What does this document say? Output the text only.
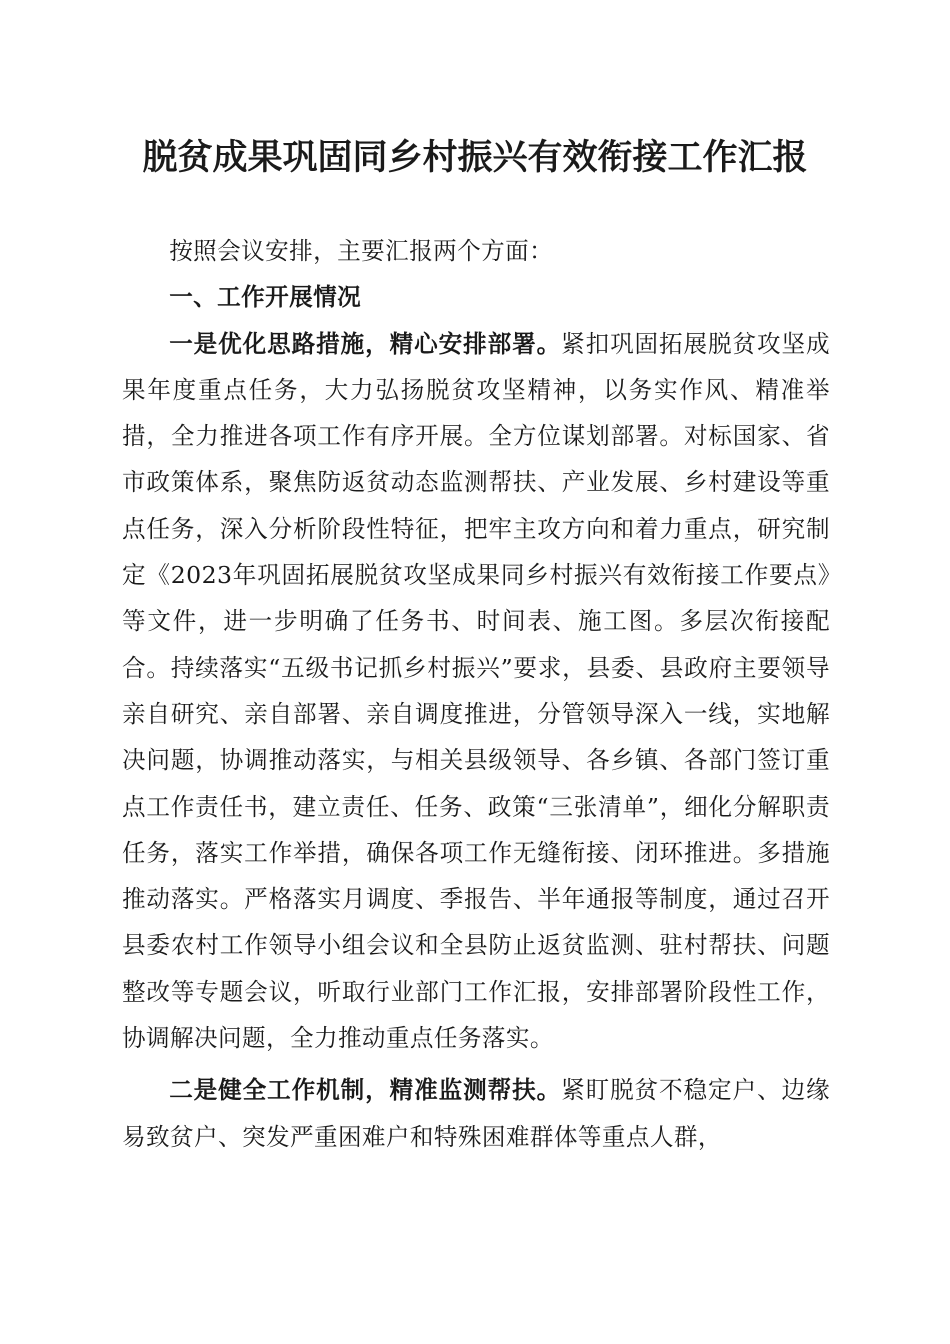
脱贫成果巩固同乡村振兴有效衔接工作汇报

按照会议安排，主要汇报两个方面：

一、工作开展情况

一是优化思路措施，精心安排部署。紧扣巩固拓展脱贫攻坚成果年度重点任务，大力弘扬脱贫攻坚精神，以务实作风、精准举措，全力推进各项工作有序开展。全方位谋划部署。对标国家、省市政策体系，聚焦防返贫动态监测帮扶、产业发展、乡村建设等重点任务，深入分析阶段性特征，把牢主攻方向和着力重点，研究制定《2023年巩固拓展脱贫攻坚成果同乡村振兴有效衔接工作要点》等文件，进一步明确了任务书、时间表、施工图。多层次衔接配合。持续落实“五级书记抓乡村振兴”要求，县委、县政府主要领导亲自研究、亲自部署、亲自调度推进，分管领导深入一线，实地解决问题，协调推动落实，与相关县级领导、各乡镇、各部门签订重点工作责任书，建立责任、任务、政策“三张清单”，细化分解职责任务，落实工作举措，确保各项工作无缝衔接、闭环推进。多措施推动落实。严格落实月调度、季报告、半年通报等制度，通过召开县委农村工作领导小组会议和全县防止返贫监测、驻村帮扶、问题整改等专题会议，听取行业部门工作汇报，安排部署阶段性工作，协调解决问题，全力推动重点任务落实。

二是健全工作机制，精准监测帮扶。紧盯脱贫不稳定户、边缘易致贫户、突发严重困难户和特殊困难群体等重点人群，
